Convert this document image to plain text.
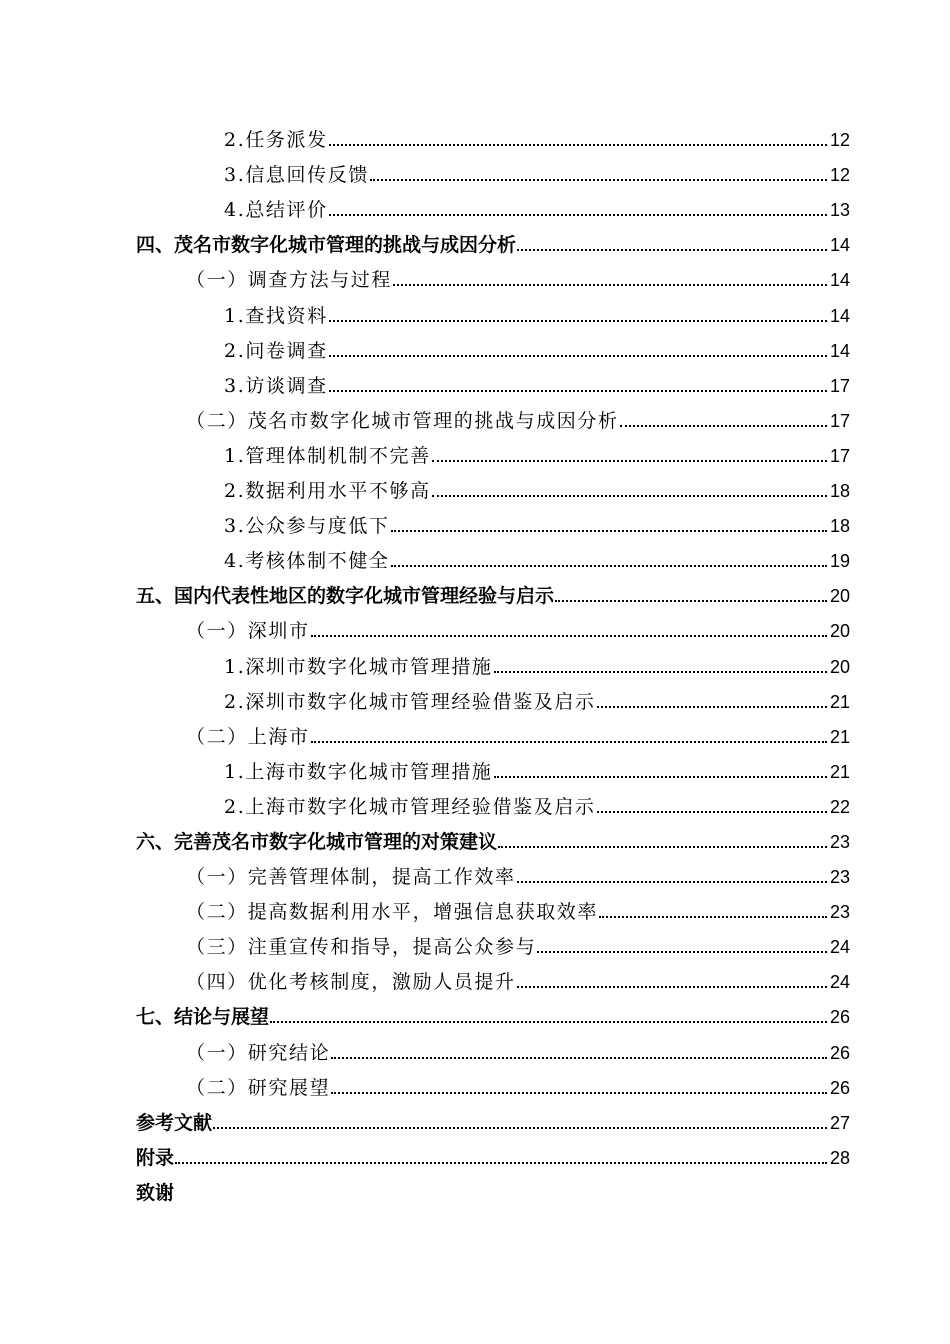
2.任务派发	12
3.信息回传反馈	12
4.总结评价	13
四、茂名市数字化城市管理的挑战与成因分析	14
（一）调查方法与过程	14
1.查找资料	14
2.问卷调查	14
3.访谈调查	17
（二）茂名市数字化城市管理的挑战与成因分析	17
1.管理体制机制不完善	17
2.数据利用水平不够高	18
3.公众参与度低下	18
4.考核体制不健全	19
五、国内代表性地区的数字化城市管理经验与启示	20
（一）深圳市	20
1.深圳市数字化城市管理措施	20
2.深圳市数字化城市管理经验借鉴及启示	21
（二）上海市	21
1.上海市数字化城市管理措施	21
2.上海市数字化城市管理经验借鉴及启示	22
六、完善茂名市数字化城市管理的对策建议	23
（一）完善管理体制，提高工作效率	23
（二）提高数据利用水平，增强信息获取效率	23
（三）注重宣传和指导，提高公众参与	24
（四）优化考核制度，激励人员提升	24
七、结论与展望	26
（一）研究结论	26
（二）研究展望	26
参考文献	27
附录	28
致谢
